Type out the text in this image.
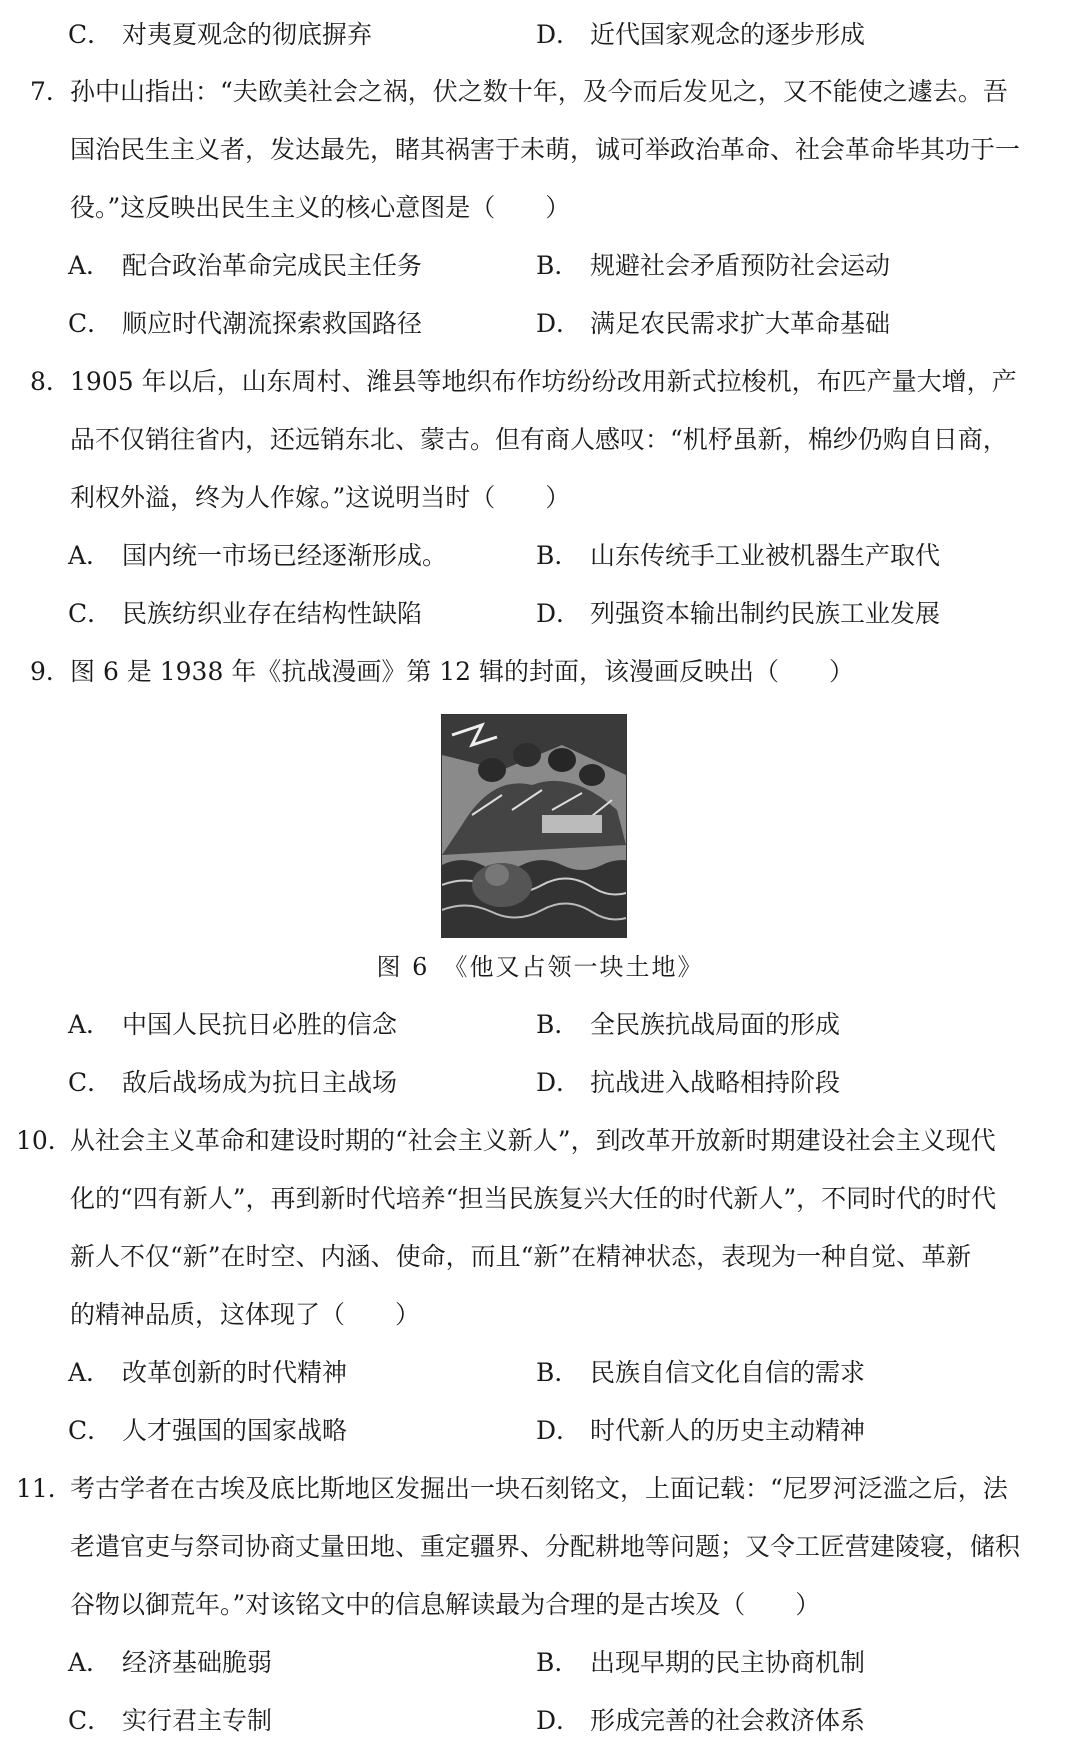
C． 对夷夏观念的彻底摒弃	D． 近代国家观念的逐步形成
7．孙中山指出：“夫欧美社会之祸，伏之数十年，及今而后发见之，又不能使之遽去。吾
国治民生主义者，发达最先，睹其祸害于未萌，诚可举政治革命、社会革命毕其功于一
役。”这反映出民生主义的核心意图是（　　）
A． 配合政治革命完成民主任务	B． 规避社会矛盾预防社会运动
C． 顺应时代潮流探索救国路径	D． 满足农民需求扩大革命基础
8．1905 年以后，山东周村、潍县等地织布作坊纷纷改用新式拉梭机，布匹产量大增，产
品不仅销往省内，还远销东北、蒙古。但有商人感叹：“机杼虽新，棉纱仍购自日商，
利权外溢，终为人作嫁。”这说明当时（　　）
A． 国内统一市场已经逐渐形成。	B． 山东传统手工业被机器生产取代
C． 民族纺织业存在结构性缺陷	D． 列强资本输出制约民族工业发展
9．图 6 是 1938 年《抗战漫画》第 12 辑的封面，该漫画反映出（　　）
图 6　《他又占领一块土地》
A． 中国人民抗日必胜的信念	B． 全民族抗战局面的形成
C． 敌后战场成为抗日主战场	D． 抗战进入战略相持阶段
10．从社会主义革命和建设时期的“社会主义新人”，到改革开放新时期建设社会主义现代
化的“四有新人”，再到新时代培养“担当民族复兴大任的时代新人”，不同时代的时代
新人不仅“新”在时空、内涵、使命，而且“新”在精神状态，表现为一种自觉、革新
的精神品质，这体现了（　　）
A． 改革创新的时代精神	B． 民族自信文化自信的需求
C． 人才强国的国家战略	D． 时代新人的历史主动精神
11．考古学者在古埃及底比斯地区发掘出一块石刻铭文，上面记载：“尼罗河泛滥之后，法
老遣官吏与祭司协商丈量田地、重定疆界、分配耕地等问题；又令工匠营建陵寝，储积
谷物以御荒年。”对该铭文中的信息解读最为合理的是古埃及（　　）
A． 经济基础脆弱	B． 出现早期的民主协商机制
C． 实行君主专制	D． 形成完善的社会救济体系
